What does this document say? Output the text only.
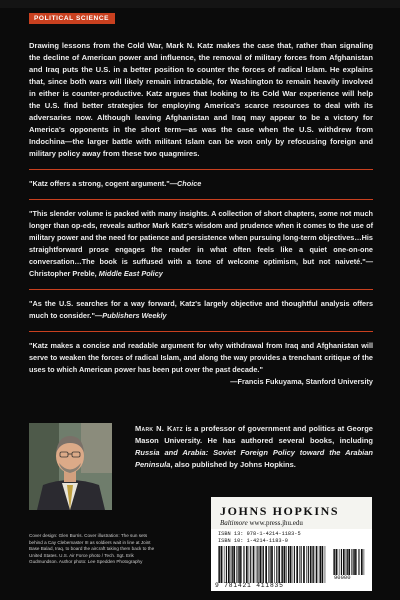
POLITICAL SCIENCE

Drawing lessons from the Cold War, Mark N. Katz makes the case that, rather than signaling the decline of American power and influence, the removal of military forces from Afghanistan and Iraq puts the U.S. in a better position to counter the forces of radical Islam. He explains that, since both wars will likely remain intractable, for Washington to remain heavily involved in either is counter-productive. Katz argues that looking to its Cold War experience will help the U.S. find better strategies for employing America's scarce resources to deal with its adversaries now. Although leaving Afghanistan and Iraq may appear to be a victory for America's opponents in the short term—as was the case when the U.S. withdrew from Indochina—the larger battle with militant Islam can be won only by refocusing foreign and military policy away from these two quagmires.

"Katz offers a strong, cogent argument."—Choice

"This slender volume is packed with many insights. A collection of short chapters, some not much longer than op-eds, reveals author Mark Katz's wisdom and prudence when it comes to the use of military power and the need for patience and persistence when pursuing long-term objectives…His straightforward prose engages the reader in what often feels like a quiet one-on-one conversation…The book is suffused with a tone of welcome optimism, but not naiveté."—Christopher Preble, Middle East Policy

"As the U.S. searches for a way forward, Katz's largely objective and thoughtful analysis offers much to consider."—Publishers Weekly

"Katz makes a concise and readable argument for why withdrawal from Iraq and Afghanistan will serve to weaken the forces of radical Islam, and along the way provides a trenchant critique of the uses to which American power has been put over the past decade."

—Francis Fukuyama, Stanford University

Mark N. Katz is a professor of government and politics at George Mason University. He has authored several books, including Russia and Arabia: Soviet Foreign Policy toward the Arabian Peninsula, also published by Johns Hopkins.

Cover design: Glen Burris. Cover illustration: The sun sets behind a Cay Clebemaster III as soldiers wait in line at Joint Base Balad, Iraq, to board the aircraft taking them back to the United States. U.S. Air Force photo / Tech. Sgt. Erik Gudmundson. Author photo: Lee Spedden Photography

JOHNS HOPKINS
Baltimore www.press.jhu.edu
ISBN 13: 978-1-4214-1183-5
ISBN 10: 1-4214-1183-0
9 781421 411835
90000
